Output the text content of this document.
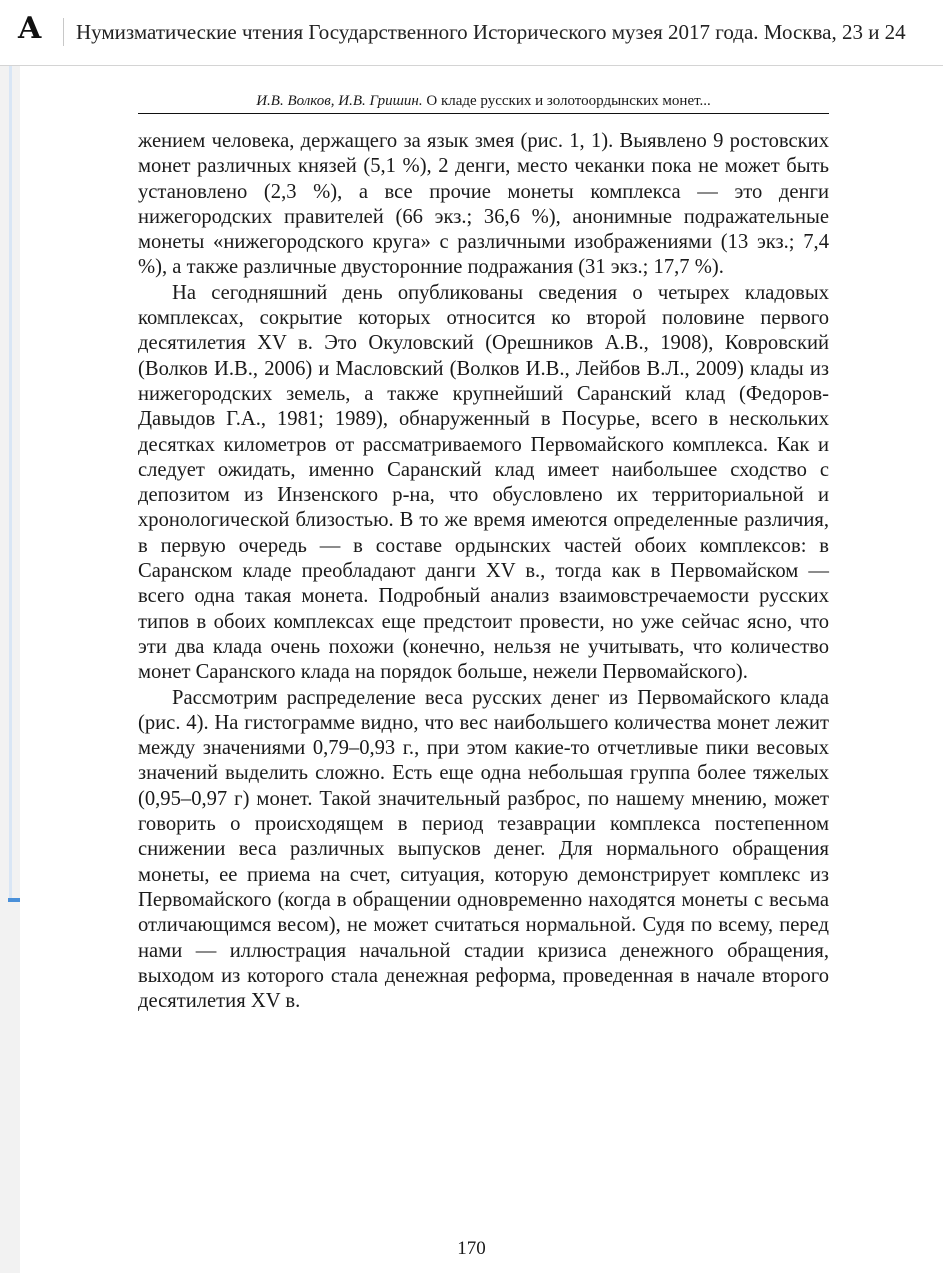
A Нумизматические чтения Государственного Исторического музея 2017 года. Москва, 23 и 24
И.В. Волков, И.В. Гришин. О кладе русских и золотоордынских монет...

жением человека, держащего за язык змея (рис. 1, 1). Выявлено 9 ростовских монет различных князей (5,1 %), 2 денги, место чеканки пока не может быть установлено (2,3 %), а все прочие монеты комплекса — это денги нижегородских правителей (66 экз.; 36,6 %), анонимные подражательные монеты «нижегородского круга» с различными изображениями (13 экз.; 7,4 %), а также различные двусторонние подражания (31 экз.; 17,7 %).

На сегодняшний день опубликованы сведения о четырех кладовых комплексах, сокрытие которых относится ко второй половине первого десятилетия XV в. Это Окуловский (Орешников А.В., 1908), Ковровский (Волков И.В., 2006) и Масловский (Волков И.В., Лейбов В.Л., 2009) клады из нижегородских земель, а также крупнейший Саранский клад (Федоров-Давыдов Г.А., 1981; 1989), обнаруженный в Посурье, всего в нескольких десятках километров от рассматриваемого Первомайского комплекса. Как и следует ожидать, именно Саранский клад имеет наибольшее сходство с депозитом из Инзенского р-на, что обусловлено их территориальной и хронологической близостью. В то же время имеются определенные различия, в первую очередь — в составе ордынских частей обоих комплексов: в Саранском кладе преобладают данги XV в., тогда как в Первомайском — всего одна такая монета. Подробный анализ взаимовстречаемости русских типов в обоих комплексах еще предстоит провести, но уже сейчас ясно, что эти два клада очень похожи (конечно, нельзя не учитывать, что количество монет Саранского клада на порядок больше, нежели Первомайского).

Рассмотрим распределение веса русских денег из Первомайского клада (рис. 4). На гистограмме видно, что вес наибольшего количества монет лежит между значениями 0,79–0,93 г., при этом какие-то отчетливые пики весовых значений выделить сложно. Есть еще одна небольшая группа более тяжелых (0,95–0,97 г) монет. Такой значительный разброс, по нашему мнению, может говорить о происходящем в период тезаврации комплекса постепенном снижении веса различных выпусков денег. Для нормального обращения монеты, ее приема на счет, ситуация, которую демонстрирует комплекс из Первомайского (когда в обращении одновременно находятся монеты с весьма отличающимся весом), не может считаться нормальной. Судя по всему, перед нами — иллюстрация начальной стадии кризиса денежного обращения, выходом из которого стала денежная реформа, проведенная в начале второго десятилетия XV в.

170
